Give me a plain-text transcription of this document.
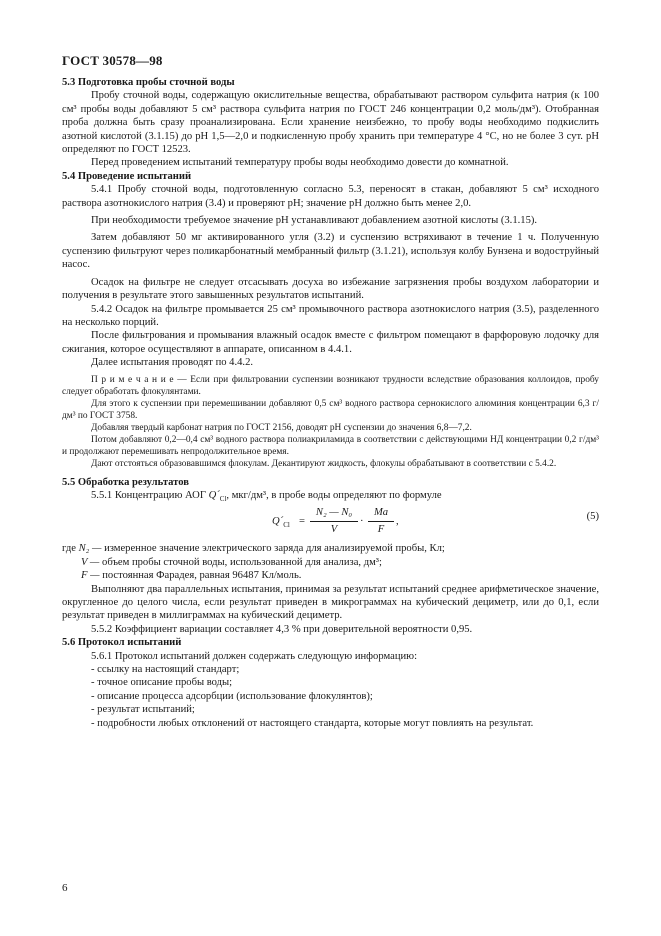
ГОСТ 30578—98

5.3 Подготовка пробы сточной воды

Пробу сточной воды, содержащую окислительные вещества, обрабатывают раствором сульфита натрия (к 100 см³ пробы воды добавляют 5 см³ раствора сульфита натрия по ГОСТ 246 концентрации 0,2 моль/дм³). Отобранная проба должна быть сразу проанализирована. Если хранение неизбежно, то пробу воды необходимо подкислить азотной кислотой (3.1.15) до рН 1,5—2,0 и подкисленную пробу хранить при температуре 4 °С, но не более 3 сут. рН определяют по ГОСТ 12523.

Перед проведением испытаний температуру пробы воды необходимо довести до комнатной.

5.4 Проведение испытаний

5.4.1 Пробу сточной воды, подготовленную согласно 5.3, переносят в стакан, добавляют 5 см³ исходного раствора азотнокислого натрия (3.4) и проверяют рН; значение рН должно быть менее 2,0.

При необходимости требуемое значение рН устанавливают добавлением азотной кислоты (3.1.15).

Затем добавляют 50 мг активированного угля (3.2) и суспензию встряхивают в течение 1 ч. Полученную суспензию фильтруют через поликарбонатный мембранный фильтр (3.1.21), используя колбу Бунзена и водоструйный насос.

Осадок на фильтре не следует отсасывать досуха во избежание загрязнения пробы воздухом лаборатории и получения в результате этого завышенных результатов испытаний.

5.4.2 Осадок на фильтре промывается 25 см³ промывочного раствора азотнокислого натрия (3.5), разделенного на несколько порций.

После фильтрования и промывания влажный осадок вместе с фильтром помещают в фарфоровую лодочку для сжигания, которое осуществляют в аппарате, описанном в 4.4.1.

Далее испытания проводят по 4.4.2.

П р и м е ч а н и е — Если при фильтровании суспензии возникают трудности вследствие образования коллоидов, пробу следует обработать флокулянтами.

Для этого к суспензии при перемешивании добавляют 0,5 см³ водного раствора сернокислого алюминия концентрации 6,3 г/дм³ по ГОСТ 3758.

Добавляя твердый карбонат натрия по ГОСТ 2156, доводят рН суспензии до значения 6,8—7,2.

Потом добавляют 0,2—0,4 см³ водного раствора полиакриламида в соответствии с действующими НД концентрации 0,2 г/дм³ и продолжают перемешивать непродолжительное время.

Дают отстояться образовавшимся флокулам. Декантируют жидкость, флокулы обрабатывают в соответствии с 5.4.2.

5.5 Обработка результатов

5.5.1 Концентрацию АОГ $Q´_{Cl}$, мкг/дм³, в пробе воды определяют по формуле

$Q´_{Cl}$ =
N₂ — N₀
V
·
Ma
F
,	(5)

где N₂ — измеренное значение электрического заряда для анализируемой пробы, Кл;

V — объем пробы сточной воды, использованной для анализа, дм³;

F — постоянная Фарадея, равная 96487 Кл/моль.

Выполняют два параллельных испытания, принимая за результат испытаний среднее арифметическое значение, округленное до целого числа, если результат приведен в микрограммах на кубический дециметр, или до 0,1, если результат приведен в миллиграммах на кубический дециметр.

5.5.2 Коэффициент вариации составляет 4,3 % при доверительной вероятности 0,95.

5.6 Протокол испытаний

5.6.1 Протокол испытаний должен содержать следующую информацию:

- ссылку на настоящий стандарт;

- точное описание пробы воды;

- описание процесса адсорбции (использование флокулянтов);

- результат испытаний;

- подробности любых отклонений от настоящего стандарта, которые могут повлиять на результат.

6
